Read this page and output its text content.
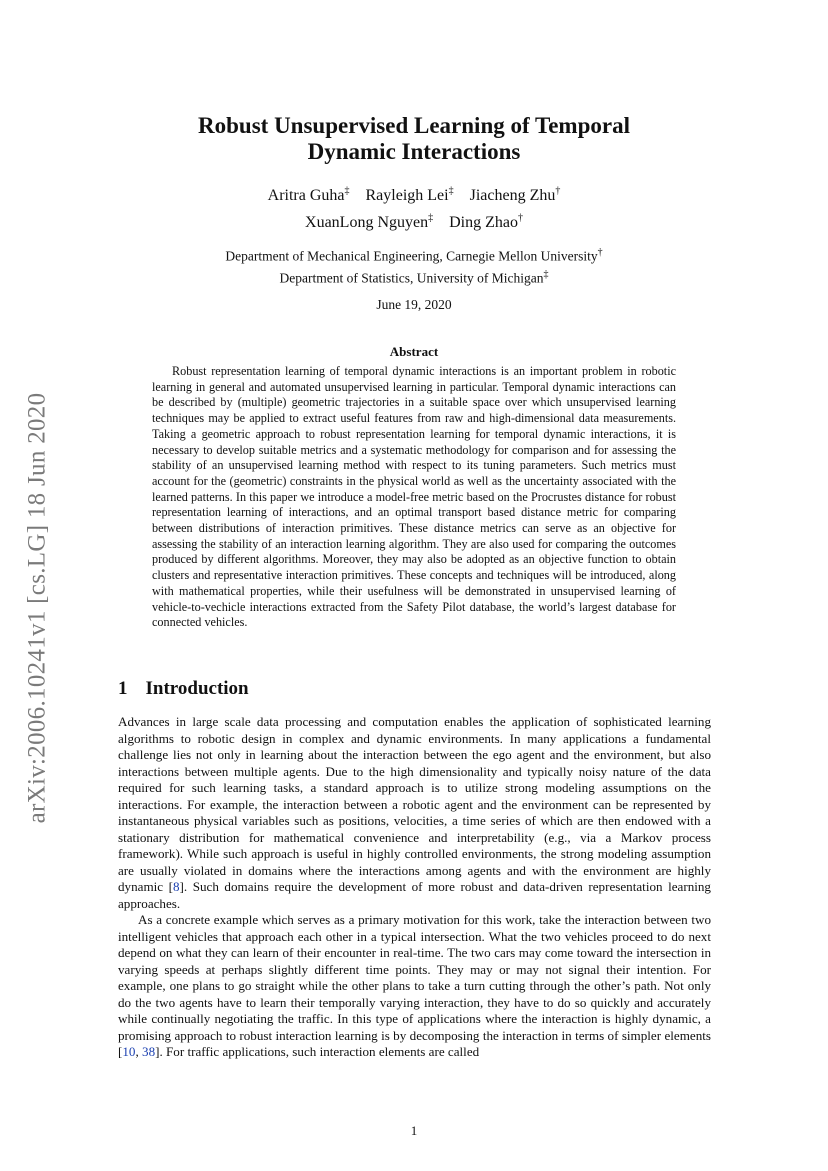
arXiv:2006.10241v1 [cs.LG] 18 Jun 2020
Robust Unsupervised Learning of Temporal
Dynamic Interactions
Aritra Guha‡ Rayleigh Lei‡ Jiacheng Zhu†
XuanLong Nguyen‡ Ding Zhao†
Department of Mechanical Engineering, Carnegie Mellon University†
Department of Statistics, University of Michigan‡
June 19, 2020
Abstract

Robust representation learning of temporal dynamic interactions is an important problem in robotic learning in general and automated unsupervised learning in particular. Temporal dynamic interactions can be described by (multiple) geometric trajectories in a suitable space over which unsupervised learning techniques may be applied to extract useful features from raw and high-dimensional data measurements. Taking a geometric approach to robust representation learning for temporal dynamic interactions, it is necessary to develop suitable metrics and a systematic methodology for comparison and for assessing the stability of an unsupervised learning method with respect to its tuning parameters. Such metrics must account for the (geometric) constraints in the physical world as well as the uncertainty associated with the learned patterns. In this paper we introduce a model-free metric based on the Procrustes distance for robust representation learning of interactions, and an optimal transport based distance metric for comparing between distributions of interaction primitives. These distance metrics can serve as an objective for assessing the stability of an interaction learning algorithm. They are also used for comparing the outcomes produced by different algorithms. Moreover, they may also be adopted as an objective function to obtain clusters and representative interaction primitives. These concepts and techniques will be introduced, along with mathematical properties, while their usefulness will be demonstrated in unsupervised learning of vehicle-to-vechicle interactions extracted from the Safety Pilot database, the world’s largest database for connected vehicles.

1 Introduction

Advances in large scale data processing and computation enables the application of sophisticated learning algorithms to robotic design in complex and dynamic environments. In many applications a fundamental challenge lies not only in learning about the interaction between the ego agent and the environment, but also interactions between multiple agents. Due to the high dimensionality and typically noisy nature of the data required for such learning tasks, a standard approach is to utilize strong modeling assumptions on the interactions. For example, the interaction between a robotic agent and the environment can be represented by instantaneous physical variables such as positions, velocities, a time series of which are then endowed with a stationary distribution for mathematical convenience and interpretability (e.g., via a Markov process framework). While such approach is useful in highly controlled environments, the strong modeling assumption are usually violated in domains where the interactions among agents and with the environment are highly dynamic [8]. Such domains require the development of more robust and data-driven representation learning approaches.

As a concrete example which serves as a primary motivation for this work, take the interaction between two intelligent vehicles that approach each other in a typical intersection. What the two vehicles proceed to do next depend on what they can learn of their encounter in real-time. The two cars may come toward the intersection in varying speeds at perhaps slightly different time points. They may or may not signal their intention. For example, one plans to go straight while the other plans to take a turn cutting through the other’s path. Not only do the two agents have to learn their temporally varying interaction, they have to do so quickly and accurately while continually negotiating the traffic. In this type of applications where the interaction is highly dynamic, a promising approach to robust interaction learning is by decomposing the interaction in terms of simpler elements [10, 38]. For traffic applications, such interaction elements are called

1
